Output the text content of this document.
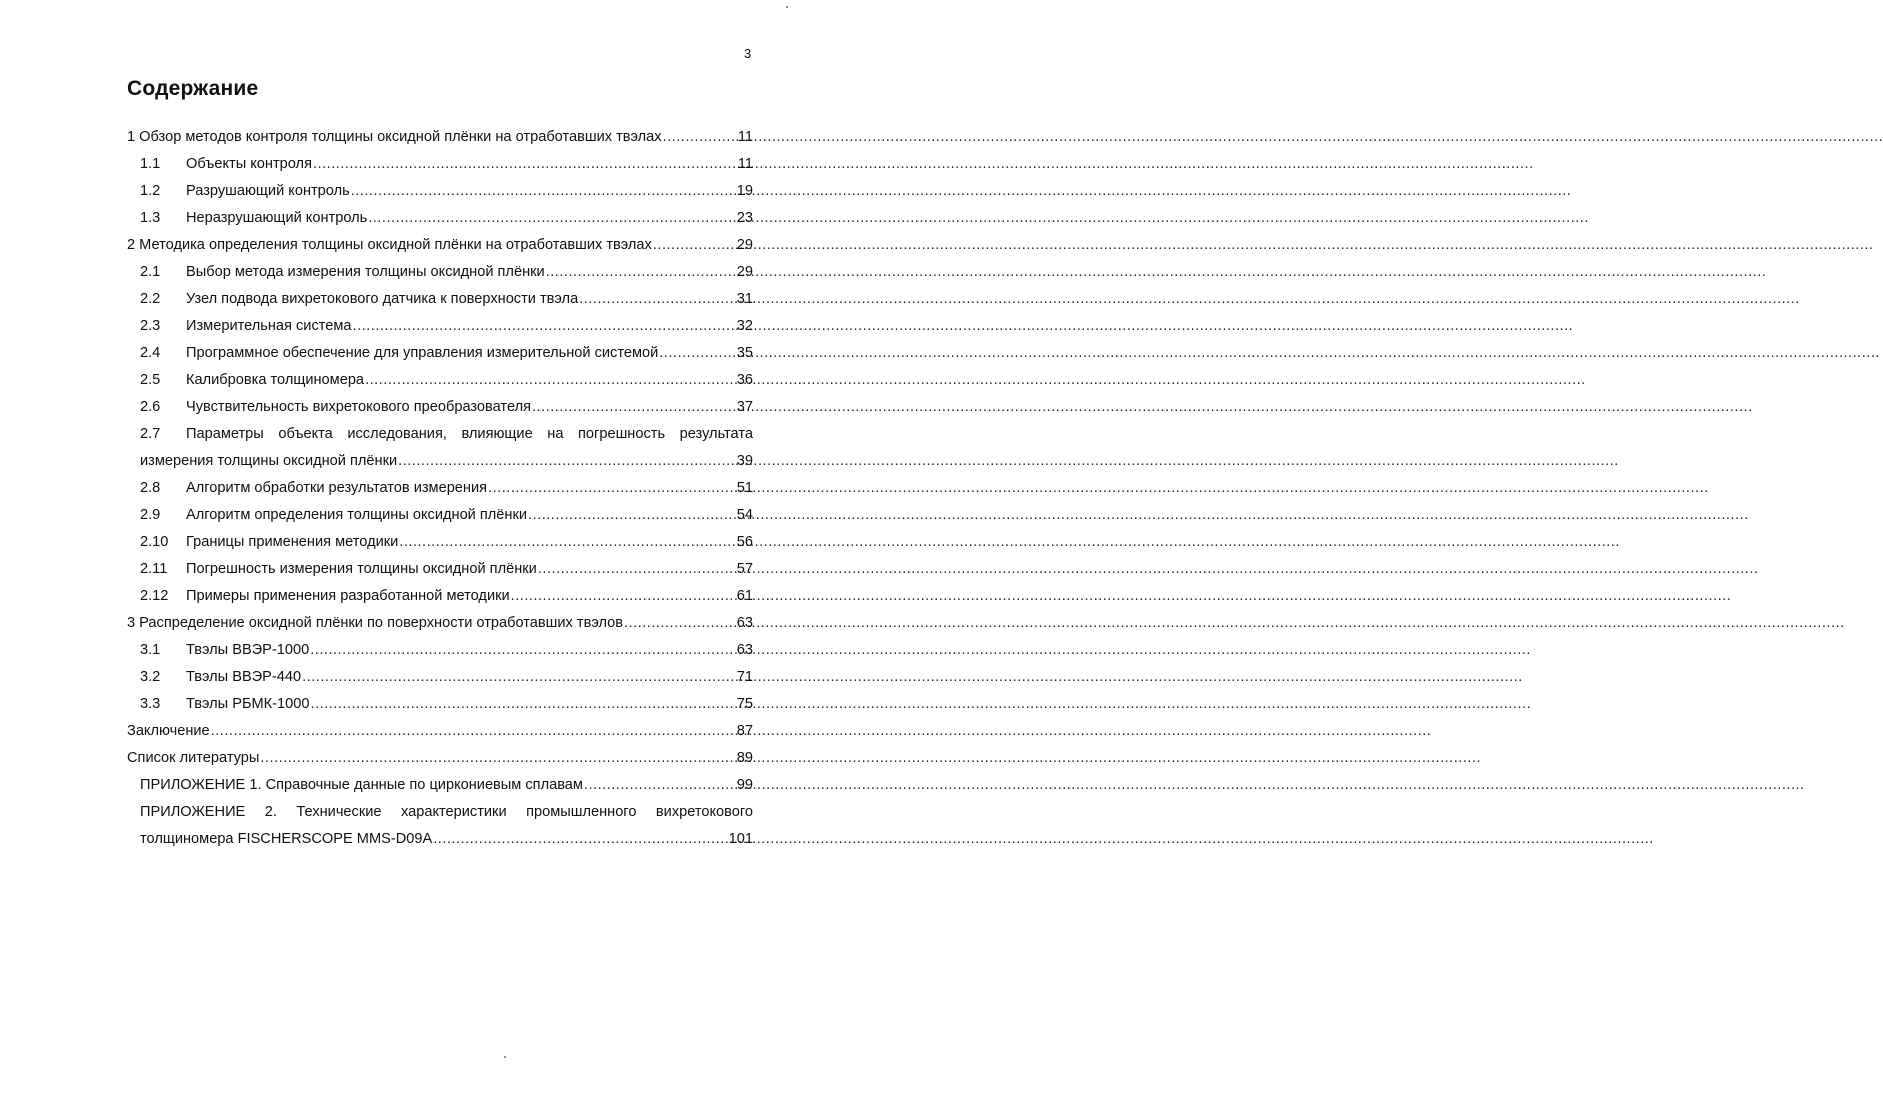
3
Содержание
1 Обзор методов контроля толщины оксидной плёнки на отработавших твэлах .....	11
1.1	Объекты контроля .....	11
1.2	Разрушающий контроль .....	19
1.3	Неразрушающий контроль .....	23
2 Методика определения толщины оксидной плёнки на отработавших твэлах .....	29
2.1	Выбор метода измерения толщины оксидной плёнки .....	29
2.2	Узел подвода вихретокового датчика к поверхности твэла .....	31
2.3	Измерительная система .....	32
2.4	Программное обеспечение для управления измерительной системой .....	35
2.5	Калибровка толщиномера .....	36
2.6	Чувствительность вихретокового преобразователя .....	37
2.7	Параметры объекта исследования, влияющие на погрешность результата
измерения толщины оксидной плёнки .....	39
2.8	Алгоритм обработки результатов измерения .....	51
2.9	Алгоритм определения толщины оксидной плёнки .....	54
2.10	Границы применения методики .....	56
2.11	Погрешность измерения толщины оксидной плёнки .....	57
2.12	Примеры применения разработанной методики .....	61
3 Распределение оксидной плёнки по поверхности отработавших твэлов .....	63
3.1	Твэлы ВВЭР-1000 .....	63
3.2	Твэлы ВВЭР-440 .....	71
3.3	Твэлы РБМК-1000 .....	75
Заключение .....	87
Список литературы .....	89
ПРИЛОЖЕНИЕ 1. Справочные данные по циркониевым сплавам .....	99
ПРИЛОЖЕНИЕ 2. Технические характеристики промышленного вихретокового
толщиномера FISCHERSCOPE MMS-D09A .....	101
